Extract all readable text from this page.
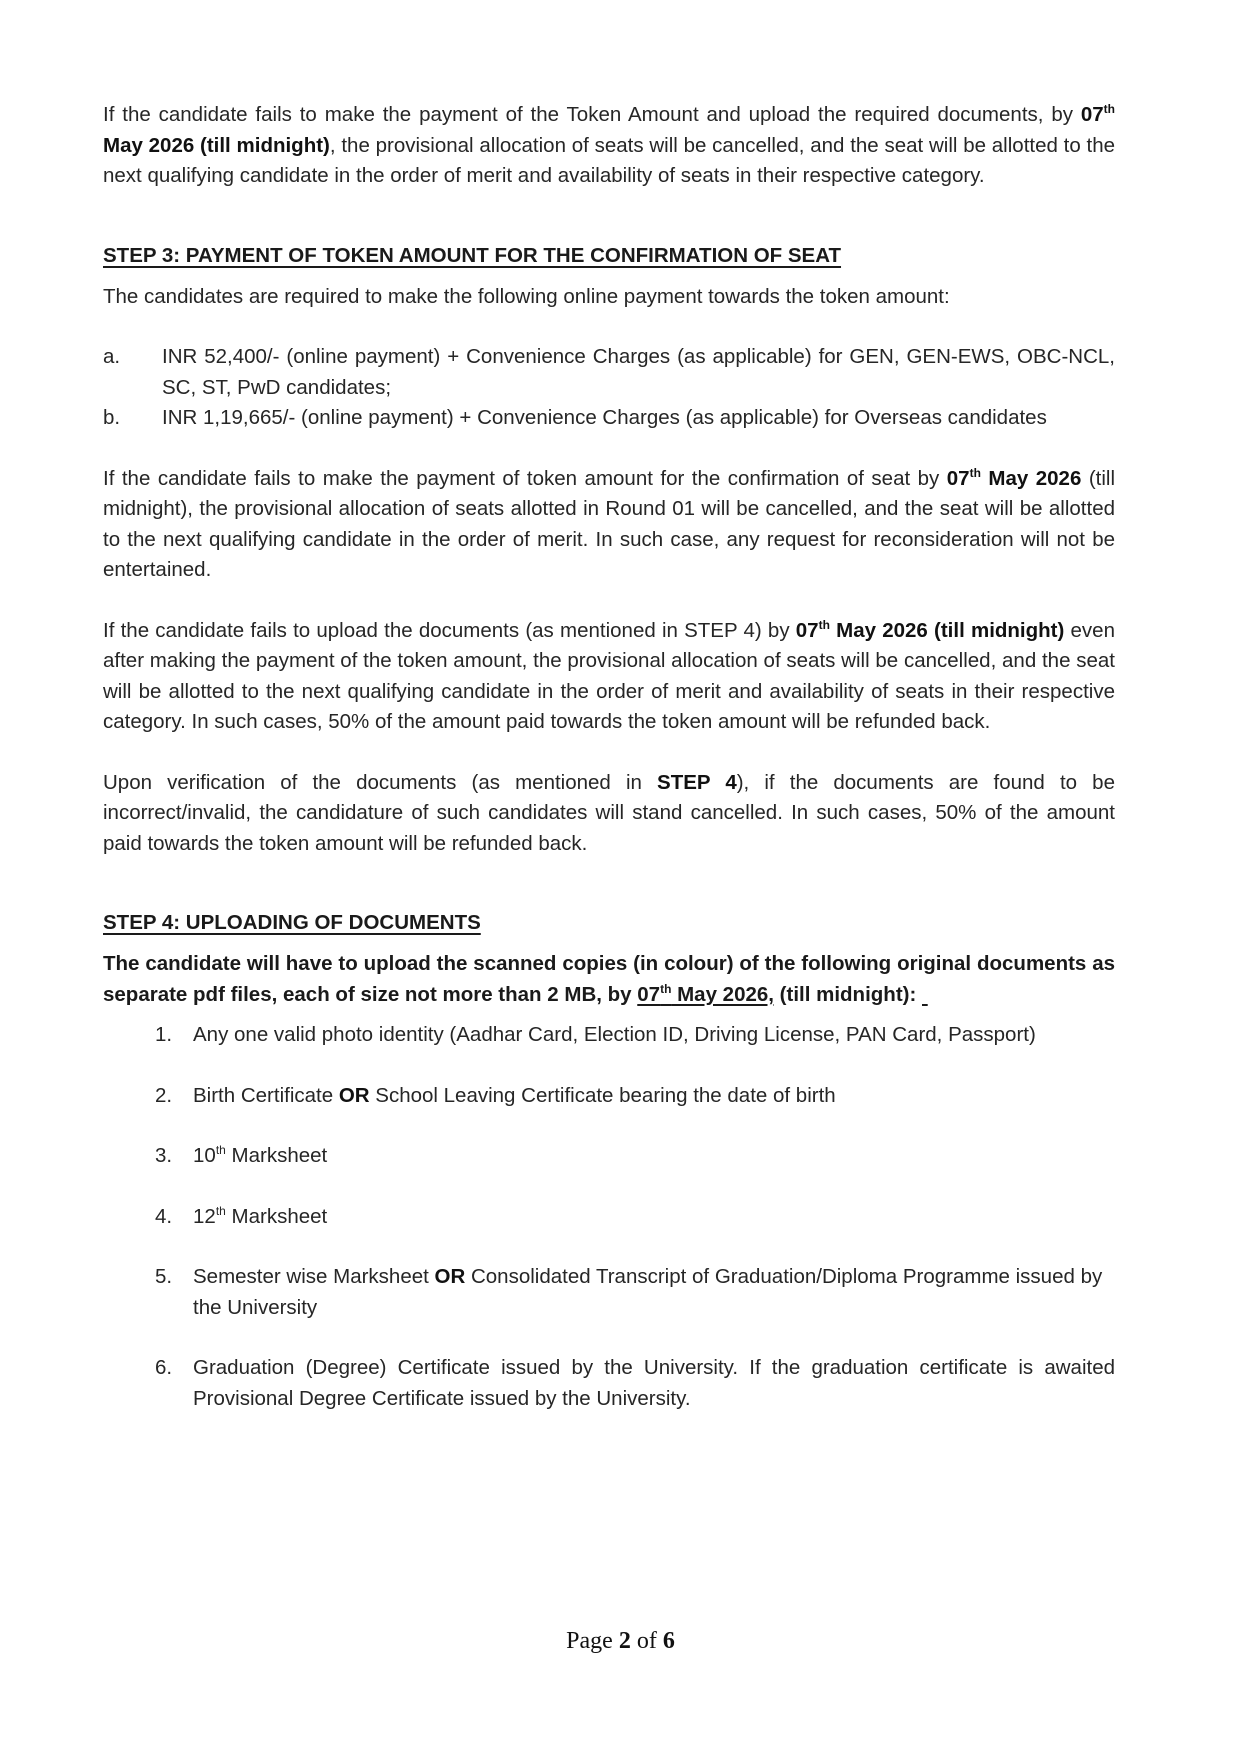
If the candidate fails to make the payment of the Token Amount and upload the required documents, by 07th May 2026 (till midnight), the provisional allocation of seats will be cancelled, and the seat will be allotted to the next qualifying candidate in the order of merit and availability of seats in their respective category.

STEP 3: PAYMENT OF TOKEN AMOUNT FOR THE CONFIRMATION OF SEAT

The candidates are required to make the following online payment towards the token amount:

a. INR 52,400/- (online payment) + Convenience Charges (as applicable) for GEN, GEN-EWS, OBC-NCL, SC, ST, PwD candidates;
b. INR 1,19,665/- (online payment) + Convenience Charges (as applicable) for Overseas candidates

If the candidate fails to make the payment of token amount for the confirmation of seat by 07th May 2026 (till midnight), the provisional allocation of seats allotted in Round 01 will be cancelled, and the seat will be allotted to the next qualifying candidate in the order of merit. In such case, any request for reconsideration will not be entertained.

If the candidate fails to upload the documents (as mentioned in STEP 4) by 07th May 2026 (till midnight) even after making the payment of the token amount, the provisional allocation of seats will be cancelled, and the seat will be allotted to the next qualifying candidate in the order of merit and availability of seats in their respective category. In such cases, 50% of the amount paid towards the token amount will be refunded back.

Upon verification of the documents (as mentioned in STEP 4), if the documents are found to be incorrect/invalid, the candidature of such candidates will stand cancelled. In such cases, 50% of the amount paid towards the token amount will be refunded back.

STEP 4: UPLOADING OF DOCUMENTS

The candidate will have to upload the scanned copies (in colour) of the following original documents as separate pdf files, each of size not more than 2 MB, by 07th May 2026, (till midnight):

1. Any one valid photo identity (Aadhar Card, Election ID, Driving License, PAN Card, Passport)
2. Birth Certificate OR School Leaving Certificate bearing the date of birth
3. 10th Marksheet
4. 12th Marksheet
5. Semester wise Marksheet OR Consolidated Transcript of Graduation/Diploma Programme issued by the University
6. Graduation (Degree) Certificate issued by the University. If the graduation certificate is awaited Provisional Degree Certificate issued by the University.
Page 2 of 6
